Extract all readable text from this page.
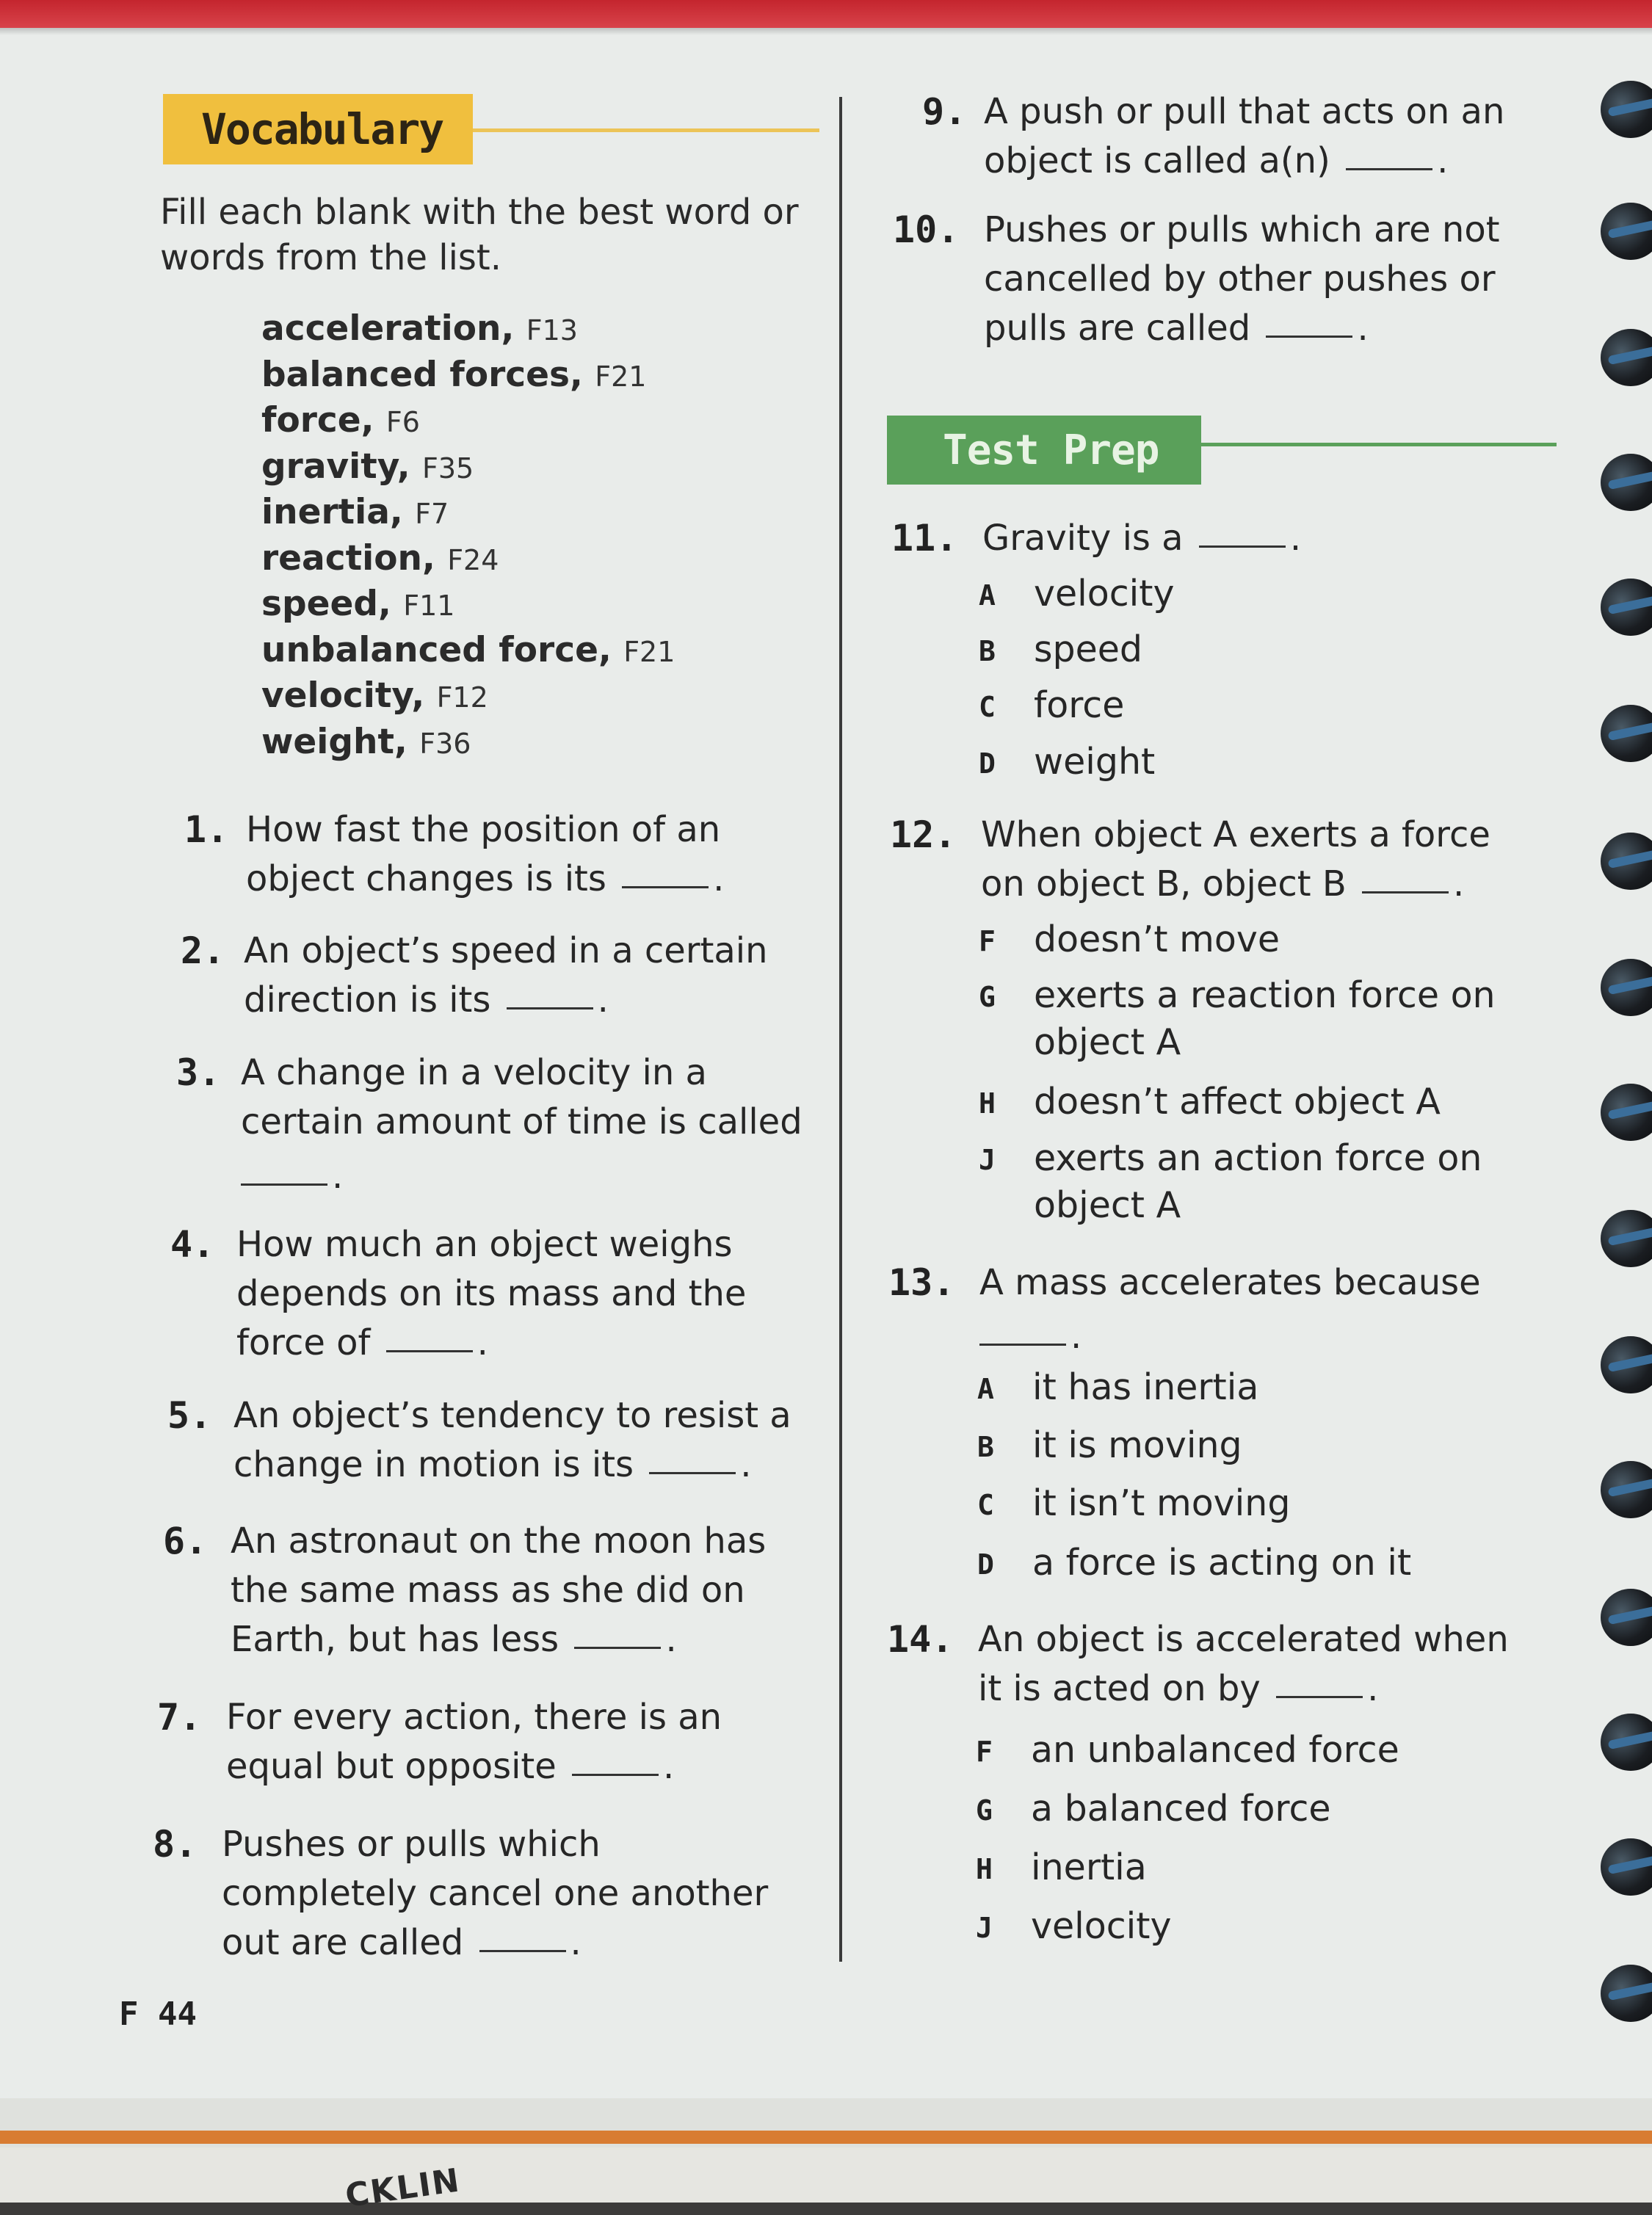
Vocabulary
Fill each blank with the best word or words from the list.
acceleration, F13
balanced forces, F21
force, F6
gravity, F35
inertia, F7
reaction, F24
speed, F11
unbalanced force, F21
velocity, F12
weight, F36
1. How fast the position of an
object changes is its	.
2. An object’s speed in a certain
direction is its	.
3. A change in a velocity in a
certain amount of time is called
.
4. How much an object weighs
depends on its mass and the
force of	.
5. An object’s tendency to resist a
change in motion is its	.
6. An astronaut on the moon has
the same mass as she did on
Earth, but has less	.
7. For every action, there is an
equal but opposite	.
8. Pushes or pulls which
completely cancel one another
out are called	.
9. A push or pull that acts on an
object is called a(n)	.
10. Pushes or pulls which are not
cancelled by other pushes or
pulls are called	.
Test Prep
11. Gravity is a	.
A velocity
B speed
C force
D weight
12. When object A exerts a force
on object B, object B	.
F doesn’t move
G exerts a reaction force on object A
H doesn’t affect object A
J exerts an action force on object A
13. A mass accelerates because
.
A it has inertia
B it is moving
C it isn’t moving
D a force is acting on it
14. An object is accelerated when
it is acted on by	.
F an unbalanced force
G a balanced force
H inertia
J velocity
F 44
CKLIN
